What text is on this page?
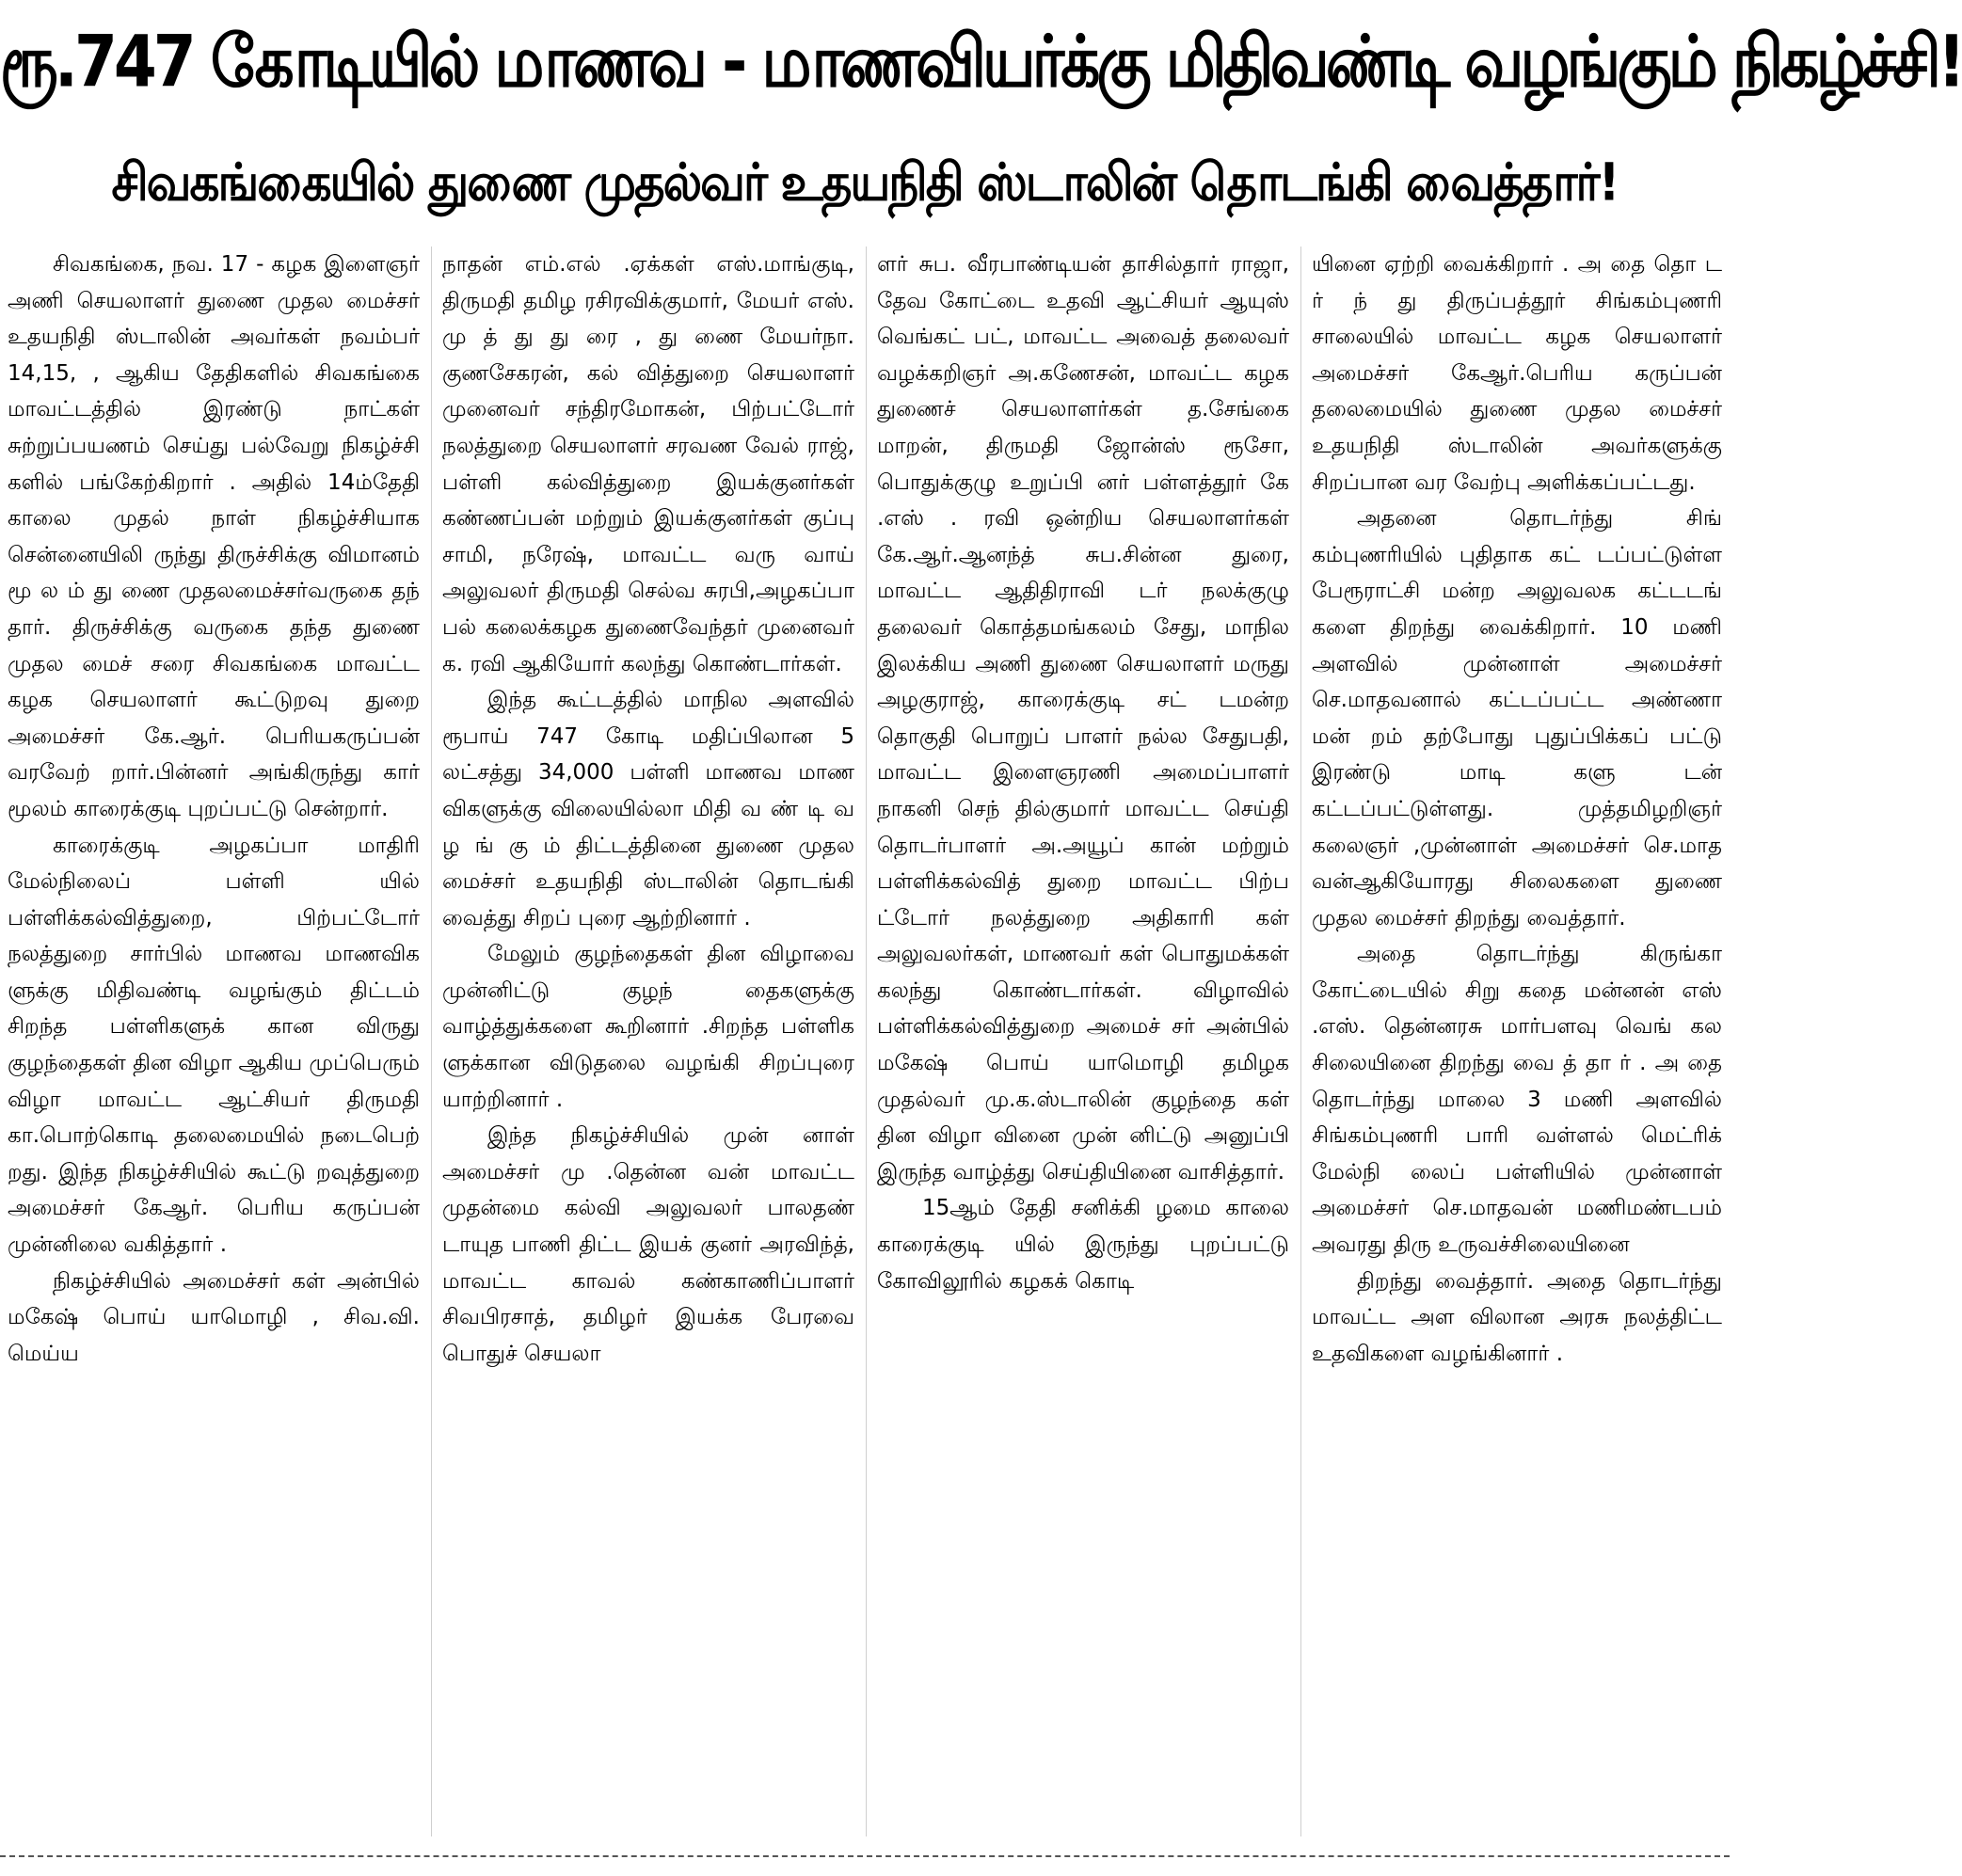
ரூ.747 கோடியில் மாணவ - மாணவியர்க்கு மிதிவண்டி வழங்கும் நிகழ்ச்சி!
சிவகங்கையில் துணை முதல்வர் உதயநிதி ஸ்டாலின் தொடங்கி வைத்தார்!

சிவகங்கை, நவ. 17 - கழக இளைஞர் அணி செயலாளர் துணை முதல மைச்சர் உதயநிதி ஸ்டாலின் அவர்கள் நவம்பர் 14,15, , ஆகிய தேதிகளில் சிவகங்கை மாவட்டத்தில் இரண்டு நாட்கள் சுற்றுப்பயணம் செய்து பல்வேறு நிகழ்ச்சி களில் பங்கேற்கிறார் . அதில் 14ம்தேதி காலை முதல் நாள் நிகழ்ச்சியாக சென்னையிலி ருந்து திருச்சிக்கு விமானம் மூ ல ம் து ணை முதலமைச்சர்வருகை தந் தார். திருச்சிக்கு வருகை தந்த துணை முதல மைச் சரை சிவகங்கை மாவட்ட கழக செயலாளர் கூட்டுறவு துறை அமைச்சர் கே.ஆர். பெரியகருப்பன் வரவேற் றார்.பின்னர் அங்கிருந்து கார் மூலம் காரைக்குடி புறப்பட்டு சென்றார்.

காரைக்குடி அழகப்பா மாதிரி மேல்நிலைப் பள்ளி யில் பள்ளிக்கல்வித்துறை, பிற்பட்டோர் நலத்துறை சார்பில் மாணவ மாணவிக ளுக்கு மிதிவண்டி வழங்கும் திட்டம் சிறந்த பள்ளிகளுக் கான விருது குழந்தைகள் தின விழா ஆகிய முப்பெரும் விழா மாவட்ட ஆட்சியர் திருமதி கா.பொற்கொடி தலைமையில் நடைபெற் றது. இந்த நிகழ்ச்சியில் கூட்டு றவுத்துறை அமைச்சர் கேஆர். பெரிய கருப்பன் முன்னிலை வகித்தார் .

நிகழ்ச்சியில் அமைச்சர் கள் அன்பில் மகேஷ் பொய் யாமொழி , சிவ.வி. மெய்ய

நாதன் எம்.எல் .ஏக்கள் எஸ்.மாங்குடி, திருமதி தமிழ ரசிரவிக்குமார், மேயர் எஸ். மு த் து து ரை , து ணை மேயர்நா. குணசேகரன், கல் வித்துறை செயலாளர் முனைவர் சந்திரமோகன், பிற்பட்டோர் நலத்துறை செயலாளர் சரவண வேல் ராஜ், பள்ளி கல்வித்துறை இயக்குனர்கள் கண்ணப்பன் மற்றும் இயக்குனர்கள் குப்பு சாமி, நரேஷ், மாவட்ட வரு வாய் அலுவலர் திருமதி செல்வ சுரபி,அழகப்பா பல் கலைக்கழக துணைவேந்தர் முனைவர் க. ரவி ஆகியோர் கலந்து கொண்டார்கள்.

இந்த கூட்டத்தில் மாநில அளவில் ரூபாய் 747 கோடி மதிப்பிலான 5 லட்சத்து 34,000 பள்ளி மாணவ மாண விகளுக்கு விலையில்லா மிதி வ ண் டி வ ழ ங் கு ம் திட்டத்தினை துணை முதல மைச்சர் உதயநிதி ஸ்டாலின் தொடங்கி வைத்து சிறப் புரை ஆற்றினார் .

மேலும் குழந்தைகள் தின விழாவை முன்னிட்டு குழந் தைகளுக்கு வாழ்த்துக்களை கூறினார் .சிறந்த பள்ளிக ளுக்கான விடுதலை வழங்கி சிறப்புரை யாற்றினார் .

இந்த நிகழ்ச்சியில் முன் னாள் அமைச்சர் மு .தென்ன வன் மாவட்ட முதன்மை கல்வி அலுவலர் பாலதண் டாயுத பாணி திட்ட இயக் குனர் அரவிந்த், மாவட்ட காவல் கண்காணிப்பாளர் சிவபிரசாத், தமிழர் இயக்க பேரவை பொதுச் செயலா

ளர் சுப. வீரபாண்டியன் தாசில்தார் ராஜா, தேவ கோட்டை உதவி ஆட்சியர் ஆயுஸ் வெங்கட் பட், மாவட்ட அவைத் தலைவர் வழக்கறிஞர் அ.கணேசன், மாவட்ட கழக துணைச் செயலாளர்கள் த.சேங்கை மாறன், திருமதி ஜோன்ஸ் ரூசோ, பொதுக்குழு உறுப்பி னர் பள்ளத்தூர் கே .எஸ் . ரவி ஒன்றிய செயலாளர்கள் கே.ஆர்.ஆனந்த் சுப.சின்ன துரை, மாவட்ட ஆதிதிராவி டர் நலக்குழு தலைவர் கொத்தமங்கலம் சேது, மாநில இலக்கிய அணி துணை செயலாளர் மருது அழகுராஜ், காரைக்குடி சட் டமன்ற தொகுதி பொறுப் பாளர் நல்ல சேதுபதி, மாவட்ட இளைஞரணி அமைப்பாளர் நாகனி செந் தில்குமார் மாவட்ட செய்தி தொடர்பாளர் அ.அயூப் கான் மற்றும் பள்ளிக்கல்வித் துறை மாவட்ட பிற்ப ட்டோர் நலத்துறை அதிகாரி கள் அலுவலர்கள், மாணவர் கள் பொதுமக்கள் கலந்து கொண்டார்கள். விழாவில் பள்ளிக்கல்வித்துறை அமைச் சர் அன்பில் மகேஷ் பொய் யாமொழி தமிழக முதல்வர் மு.க.ஸ்டாலின் குழந்தை கள் தின விழா வினை முன் னிட்டு அனுப்பி இருந்த வாழ்த்து செய்தியினை வாசித்தார்.

15ஆம் தேதி சனிக்கி ழமை காலை காரைக்குடி யில் இருந்து புறப்பட்டு கோவிலூரில் கழகக் கொடி

யினை ஏற்றி வைக்கிறார் . அ தை தொ ட ர் ந் து திருப்பத்தூர் சிங்கம்புணரி சாலையில் மாவட்ட கழக செயலாளர் அமைச்சர் கேஆர்.பெரிய கருப்பன் தலைமையில் துணை முதல மைச்சர் உதயநிதி ஸ்டாலின் அவர்களுக்கு சிறப்பான வர வேற்பு அளிக்கப்பட்டது.

அதனை தொடர்ந்து சிங் கம்புணரியில் புதிதாக கட் டப்பட்டுள்ள பேரூராட்சி மன்ற அலுவலக கட்டடங் களை திறந்து வைக்கிறார். 10 மணி அளவில் முன்னாள் அமைச்சர் செ.மாதவனால் கட்டப்பட்ட அண்ணா மன் றம் தற்போது புதுப்பிக்கப் பட்டு இரண்டு மாடி களு டன் கட்டப்பட்டுள்ளது. முத்தமிழறிஞர் கலைஞர் ,முன்னாள் அமைச்சர் செ.மாத வன்ஆகியோரது சிலைகளை துணை முதல மைச்சர் திறந்து வைத்தார்.

அதை தொடர்ந்து கிருங்கா கோட்டையில் சிறு கதை மன்னன் எஸ் .எஸ். தென்னரசு மார்பளவு வெங் கல சிலையினை திறந்து வை த் தா ர் . அ தை தொடர்ந்து மாலை 3 மணி அளவில் சிங்கம்புணரி பாரி வள்ளல் மெட்ரிக் மேல்நி லைப் பள்ளியில் முன்னாள் அமைச்சர் செ.மாதவன் மணிமண்டபம் அவரது திரு உருவச்சிலையினை

திறந்து வைத்தார். அதை தொடர்ந்து மாவட்ட அள விலான அரசு நலத்திட்ட உதவிகளை வழங்கினார் .
